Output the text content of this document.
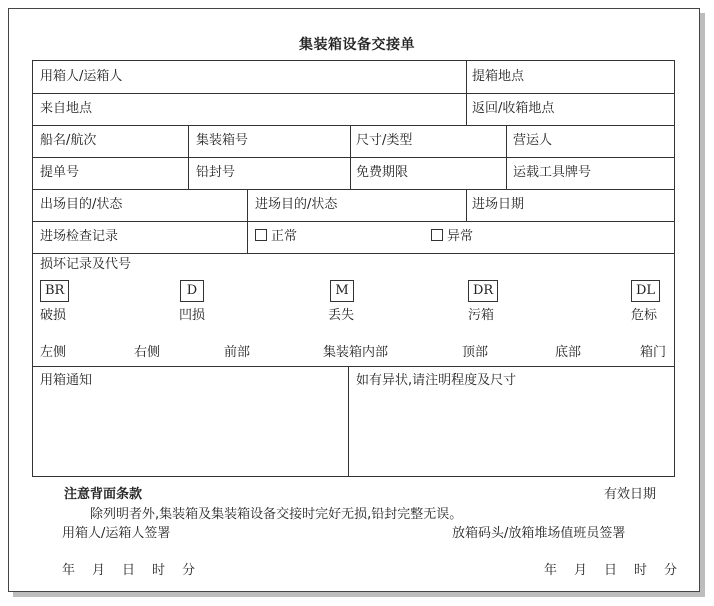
集装箱设备交接单
用箱人/运箱人	提箱地点
来自地点	返回/收箱地点
船名/航次	集装箱号	尺寸/类型	营运人
提单号	铅封号	免费期限	运载工具牌号
出场目的/状态	进场目的/状态	进场日期
进场检查记录	正常	异常
损坏记录及代号
BR	D	M	DR	DL
破损	凹损	丢失	污箱	危标
左侧	右侧	前部	集装箱内部	顶部	底部	箱门
用箱通知	如有异状,请注明程度及尺寸
注意背面条款	有效日期
除列明者外,集装箱及集装箱设备交接时完好无损,铅封完整无误。
用箱人/运箱人签署	放箱码头/放箱堆场值班员签署
年　月　日　时　分	年　月　日　时　分
